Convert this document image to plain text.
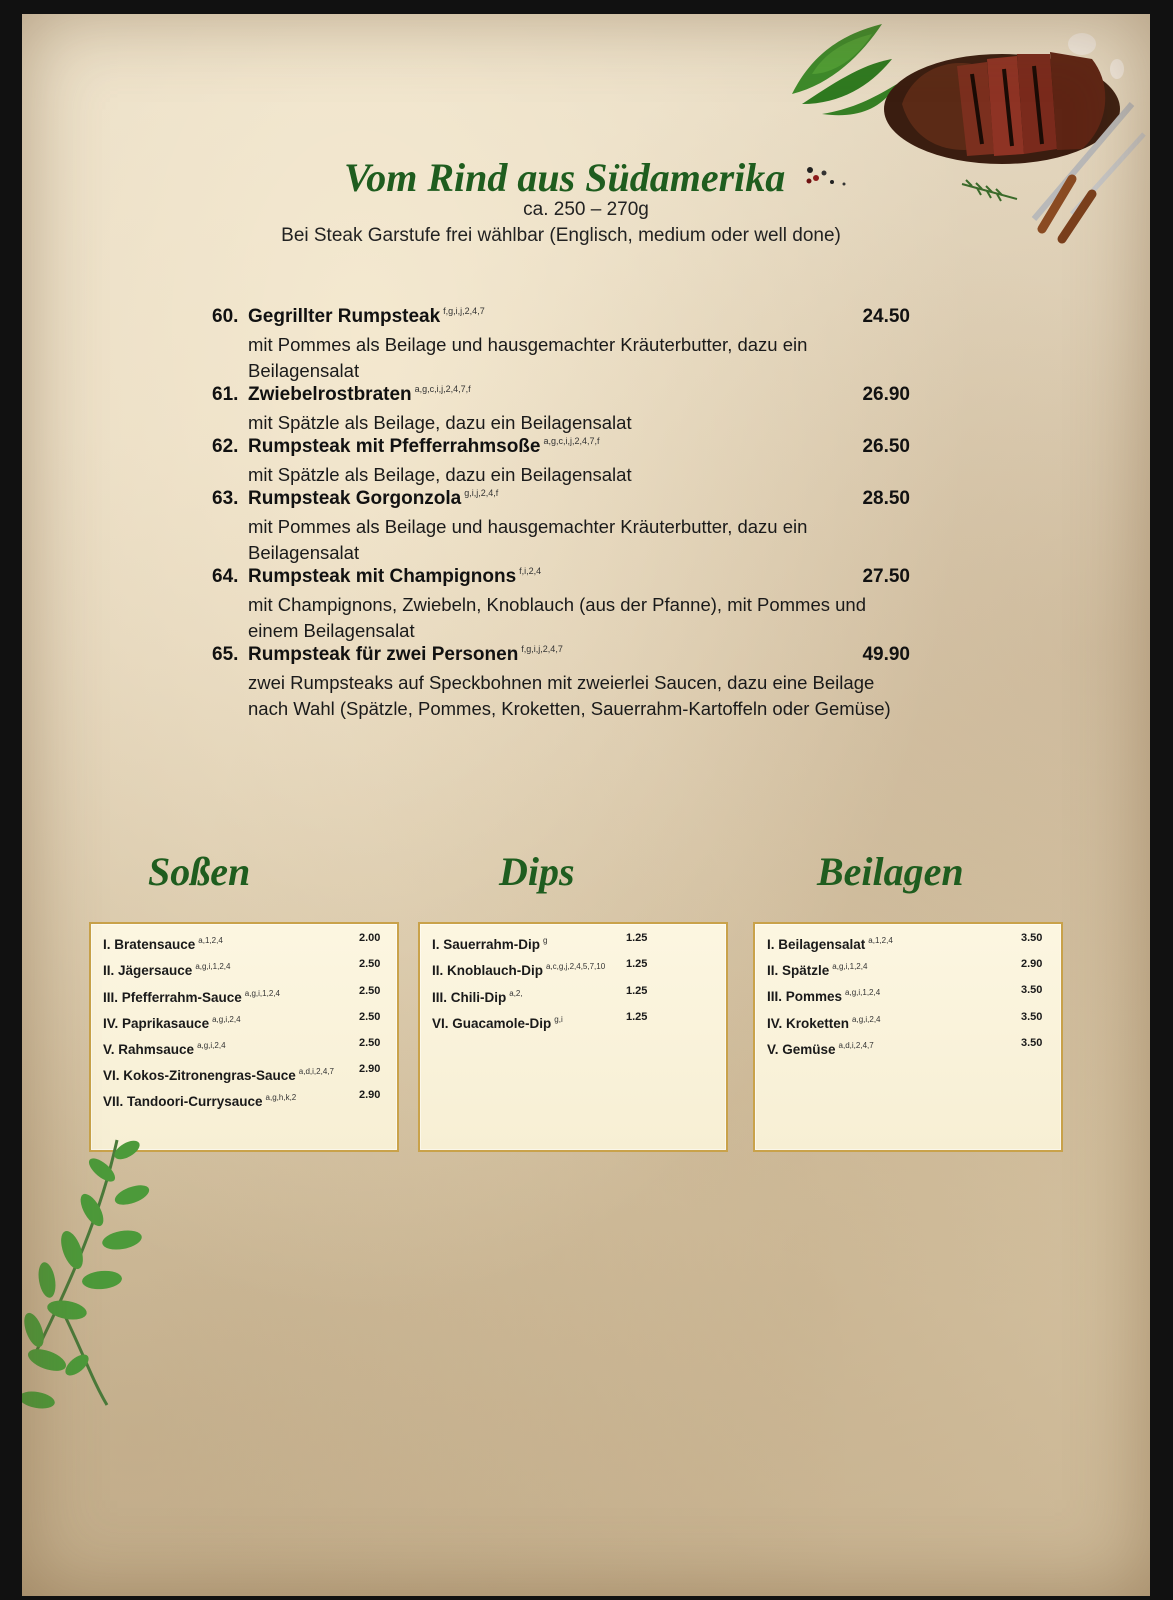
Vom Rind aus Südamerika
ca. 250 – 270g
Bei Steak Garstufe frei wählbar (Englisch, medium oder well done)
60. Gegrillter Rumpsteak $^{f,g,i,j,2,4,7}$	24.50
mit Pommes als Beilage und hausgemachter Kräuterbutter, dazu ein Beilagensalat
61. Zwiebelrostbraten $^{a,g,c,i,j,2,4,7,f}$	26.90
mit Spätzle als Beilage, dazu ein Beilagensalat
62. Rumpsteak mit Pfefferrahmsoße $^{a,g,c,i,j,2,4,7,f}$	26.50
mit Spätzle als Beilage, dazu ein Beilagensalat
63. Rumpsteak Gorgonzola $^{g,i,j,2,4,f}$	28.50
mit Pommes als Beilage und hausgemachter Kräuterbutter, dazu ein Beilagensalat
64. Rumpsteak mit Champignons $^{f,i,2,4}$	27.50
mit Champignons, Zwiebeln, Knoblauch (aus der Pfanne), mit Pommes und
einem Beilagensalat
65. Rumpsteak für zwei Personen $^{f,g,i,j,2,4,7}$	49.90
zwei Rumpsteaks auf Speckbohnen mit zweierlei Saucen, dazu eine Beilage
nach Wahl (Spätzle, Pommes, Kroketten, Sauerrahm-Kartoffeln oder Gemüse)
Soßen	Dips	Beilagen
I. Bratensauce $^{a,1,2,4}$	2.00
II. Jägersauce $^{a,g,i,1,2,4}$	2.50
III. Pfefferrahm-Sauce $^{a,g,i,1,2,4}$	2.50
IV. Paprikasauce $^{a,g,i,2,4}$	2.50
V. Rahmsauce $^{a,g,i,2,4}$	2.50
VI. Kokos-Zitronengras-Sauce $^{a,d,i,2,4,7}$ 2.90
VII. Tandoori-Currysauce $^{a,g,h,k,2}$	2.90
I. Sauerrahm-Dip $^g$	1.25
II. Knoblauch-Dip $^{a,c,g,j,2,4,5,7,10}$ 1.25
III. Chili-Dip $^{a,2,}$	1.25
VI. Guacamole-Dip $^{g,i}$	1.25
I. Beilagensalat $^{a,1,2,4}$	3.50
II. Spätzle $^{a,g,i,1,2,4}$	2.90
III. Pommes $^{a,g,i,1,2,4}$	3.50
IV. Kroketten $^{a,g,i,2,4}$	3.50
V. Gemüse $^{a,d,i,2,4,7}$	3.50
